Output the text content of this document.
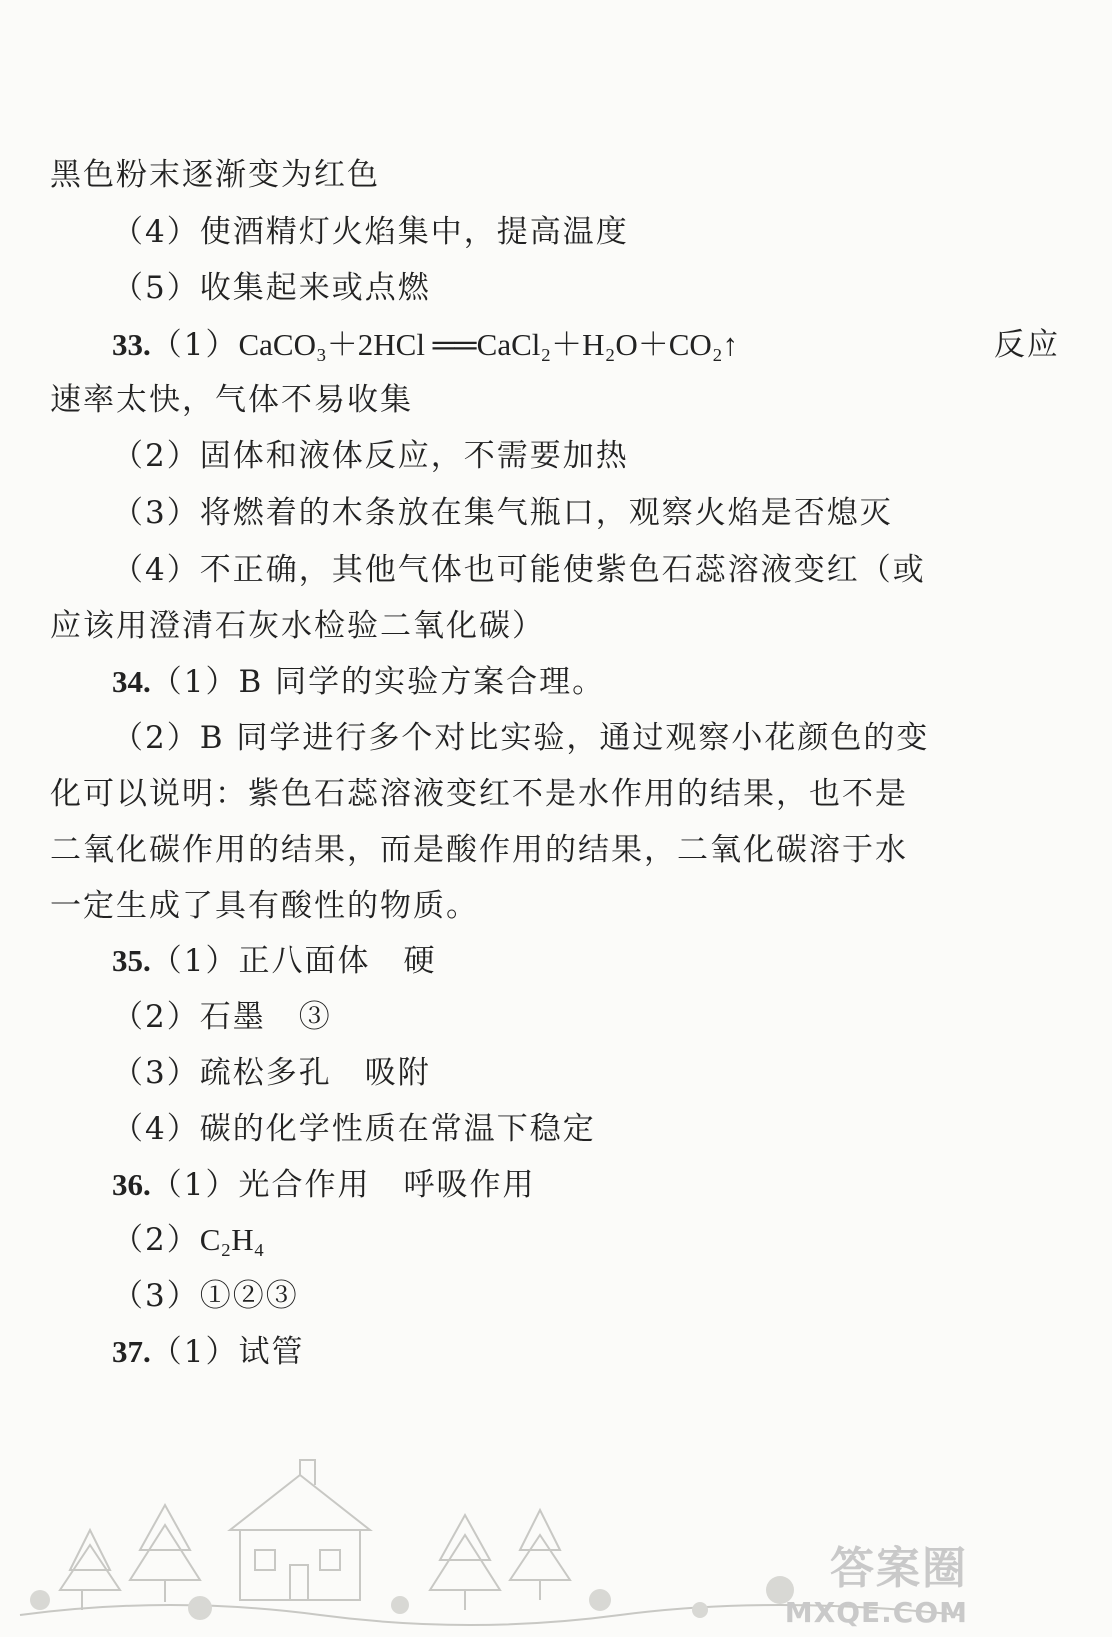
黑色粉末逐渐变为红色
（4）使酒精灯火焰集中，提高温度
（5）收集起来或点燃
33.（1）CaCO₃＋2HCl ══CaCl₂＋H₂O＋CO₂↑	反应
速率太快，气体不易收集
（2）固体和液体反应，不需要加热
（3）将燃着的木条放在集气瓶口，观察火焰是否熄灭
（4）不正确，其他气体也可能使紫色石蕊溶液变红（或
应该用澄清石灰水检验二氧化碳）
34.（1）B 同学的实验方案合理。
（2）B 同学进行多个对比实验，通过观察小花颜色的变
化可以说明：紫色石蕊溶液变红不是水作用的结果，也不是
二氧化碳作用的结果，而是酸作用的结果，二氧化碳溶于水
一定生成了具有酸性的物质。
35.（1）正八面体　硬
（2）石墨　③
（3）疏松多孔　吸附
（4）碳的化学性质在常温下稳定
36.（1）光合作用　呼吸作用
（2）C₂H₄
（3）①②③
37.（1）试管
答案圈
MXQE.COM
